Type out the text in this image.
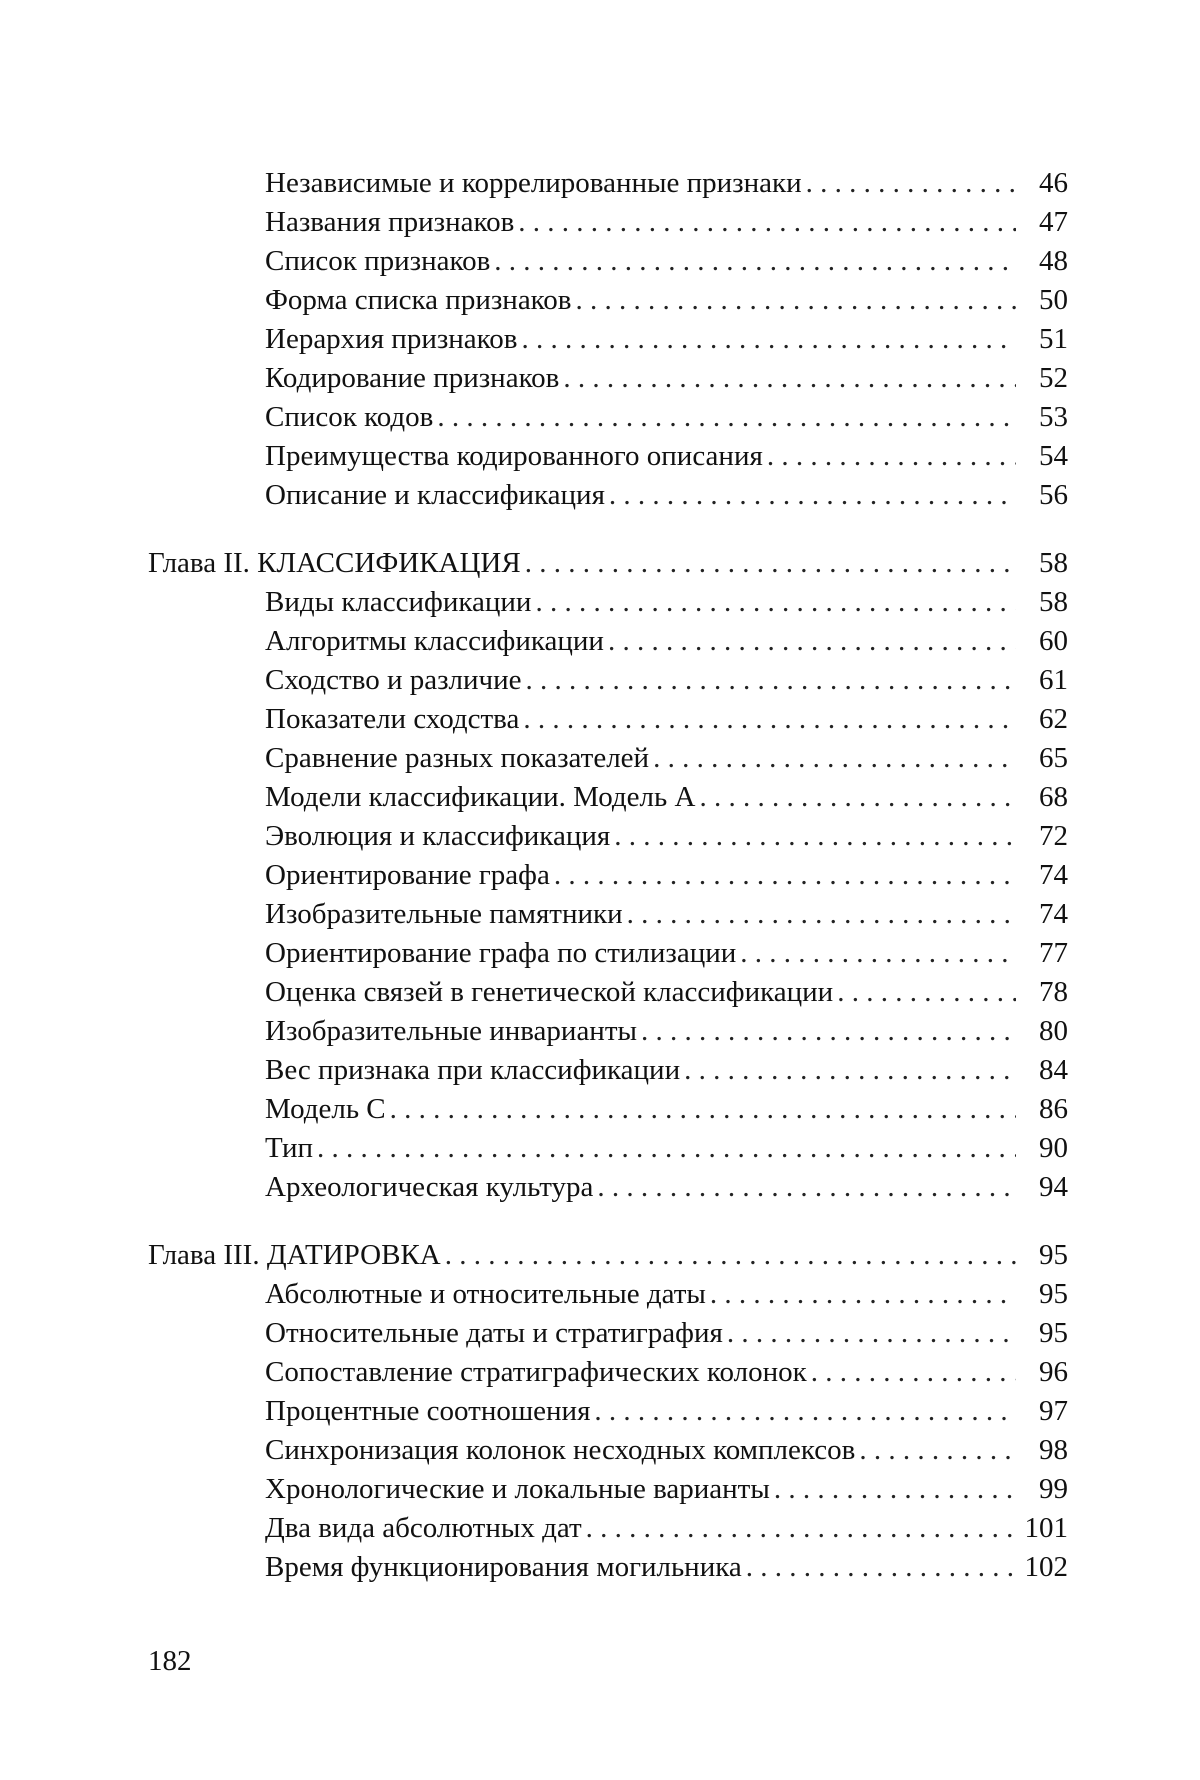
Независимые и коррелированные признаки . . .	46
Названия признаков . . .	47
Список признаков . . .	48
Форма списка признаков . . .	50
Иерархия признаков . . .	51
Кодирование признаков . . .	52
Список кодов . . .	53
Преимущества кодированного описания . . .	54
Описание и классификация . . .	56
Глава II. КЛАССИФИКАЦИЯ . . .	58
Виды классификации . . .	58
Алгоритмы классификации . . .	60
Сходство и различие . . .	61
Показатели сходства . . .	62
Сравнение разных показателей . . .	65
Модели классификации. Модель А . . .	68
Эволюция и классификация . . .	72
Ориентирование графа . . .	74
Изобразительные памятники . . .	74
Ориентирование графа по стилизации . . .	77
Оценка связей в генетической классификации . . .	78
Изобразительные инварианты . . .	80
Вес признака при классификации . . .	84
Модель С . . .	86
Тип . . .	90
Археологическая культура . . .	94
Глава III. ДАТИРОВКА . . .	95
Абсолютные и относительные даты . . .	95
Относительные даты и стратиграфия . . .	95
Сопоставление стратиграфических колонок . . .	96
Процентные соотношения . . .	97
Синхронизация колонок несходных комплексов . . .	98
Хронологические и локальные варианты . . .	99
Два вида абсолютных дат . . .	101
Время функционирования могильника . . .	102
182
